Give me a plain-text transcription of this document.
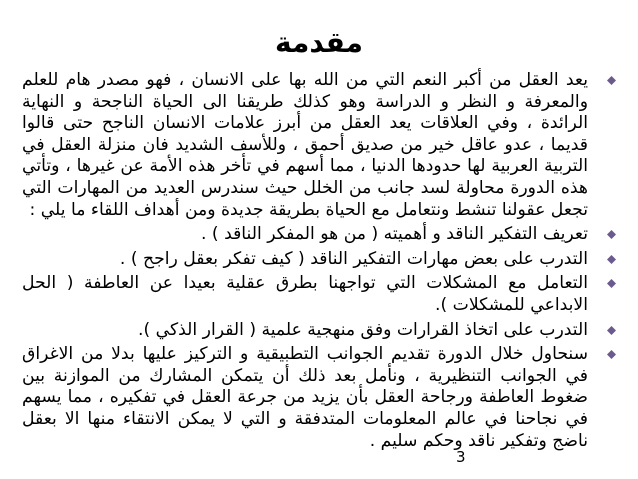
مقدمة
يعد العقل من أكبر النعم التي من الله بها على الانسان ، فهو مصدر هام للعلم والمعرفة و النظر و الدراسة وهو كذلك طريقنا الى الحياة الناجحة و النهاية الرائدة ، وفي العلاقات يعد العقل من أبرز علامات الانسان الناجح حتى قالوا قديما ، عدو عاقل خير من صديق أحمق ، وللأسف الشديد فان منزلة العقل في التربية العربية لها حدودها الدنيا ، مما أسهم في تأخر هذه الأمة عن غيرها ، وتأتي هذه الدورة محاولة لسد جانب من الخلل حيث سندرس العديد من المهارات التي تجعل عقولنا تنشط ونتعامل مع الحياة بطريقة جديدة ومن أهداف اللقاء ما يلي :
تعريف التفكير الناقد و أهميته ( من هو المفكر الناقد ) .
التدرب على بعض مهارات التفكير الناقد ( كيف تفكر بعقل راجح ) .
التعامل مع المشكلات التي تواجهنا بطرق عقلية بعيدا عن العاطفة ( الحل الابداعي للمشكلات ).
التدرب على اتخاذ القرارات وفق منهجية علمية ( القرار الذكي ).
سنحاول خلال الدورة تقديم الجوانب التطبيقية و التركيز عليها بدلا من الاغراق في الجوانب التنظيرية ، ونأمل بعد ذلك أن يتمكن المشارك من الموازنة بين ضغوط العاطفة ورجاحة العقل بأن يزيد من جرعة العقل في تفكيره ، مما يسهم في نجاحنا في عالم المعلومات المتدفقة و التي لا يمكن الانتقاء منها الا بعقل ناضج وتفكير ناقد وحكم سليم .
3
